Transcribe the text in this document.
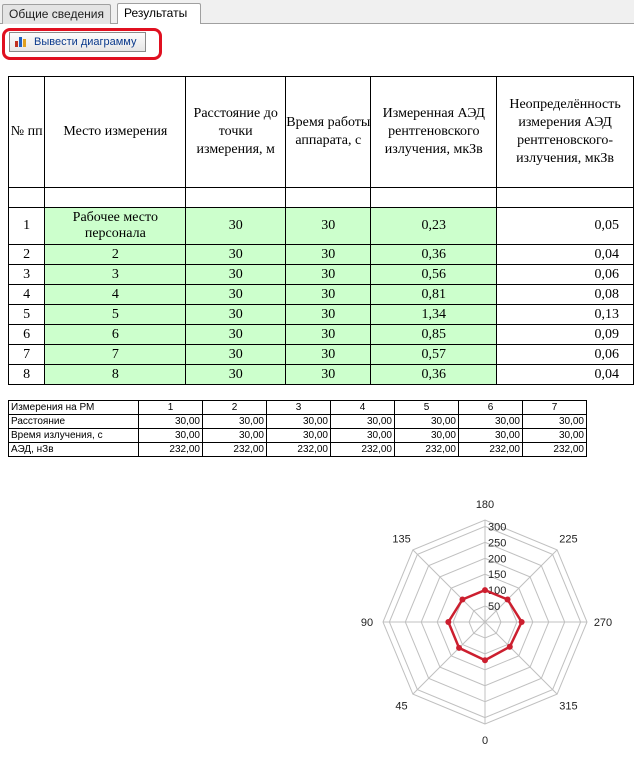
Общие сведения	Результаты
Вывести диаграмму
№ пп	Место измерения	Расстояние до точки измерения, м	Время работы аппарата, с	Измеренная АЭД рентгеновского излучения, мкЗв	Неопределённость измерения АЭД рентгеновского-излучения, мкЗв

1	Рабочее место персонала	30	30	0,23	0,05
2	2	30	30	0,36	0,04
3	3	30	30	0,56	0,06
4	4	30	30	0,81	0,08
5	5	30	30	1,34	0,13
6	6	30	30	0,85	0,09
7	7	30	30	0,57	0,06
8	8	30	30	0,36	0,04
Измерения на РМ	1	2	3	4	5	6	7
Расстояние	30,00	30,00	30,00	30,00	30,00	30,00	30,00
Время излучения, с	30,00	30,00	30,00	30,00	30,00	30,00	30,00
АЭД, нЗв	232,00	232,00	232,00	232,00	232,00	232,00	232,00
0
45
90
135
180
225
270
315
50
100
150
200
250
300
